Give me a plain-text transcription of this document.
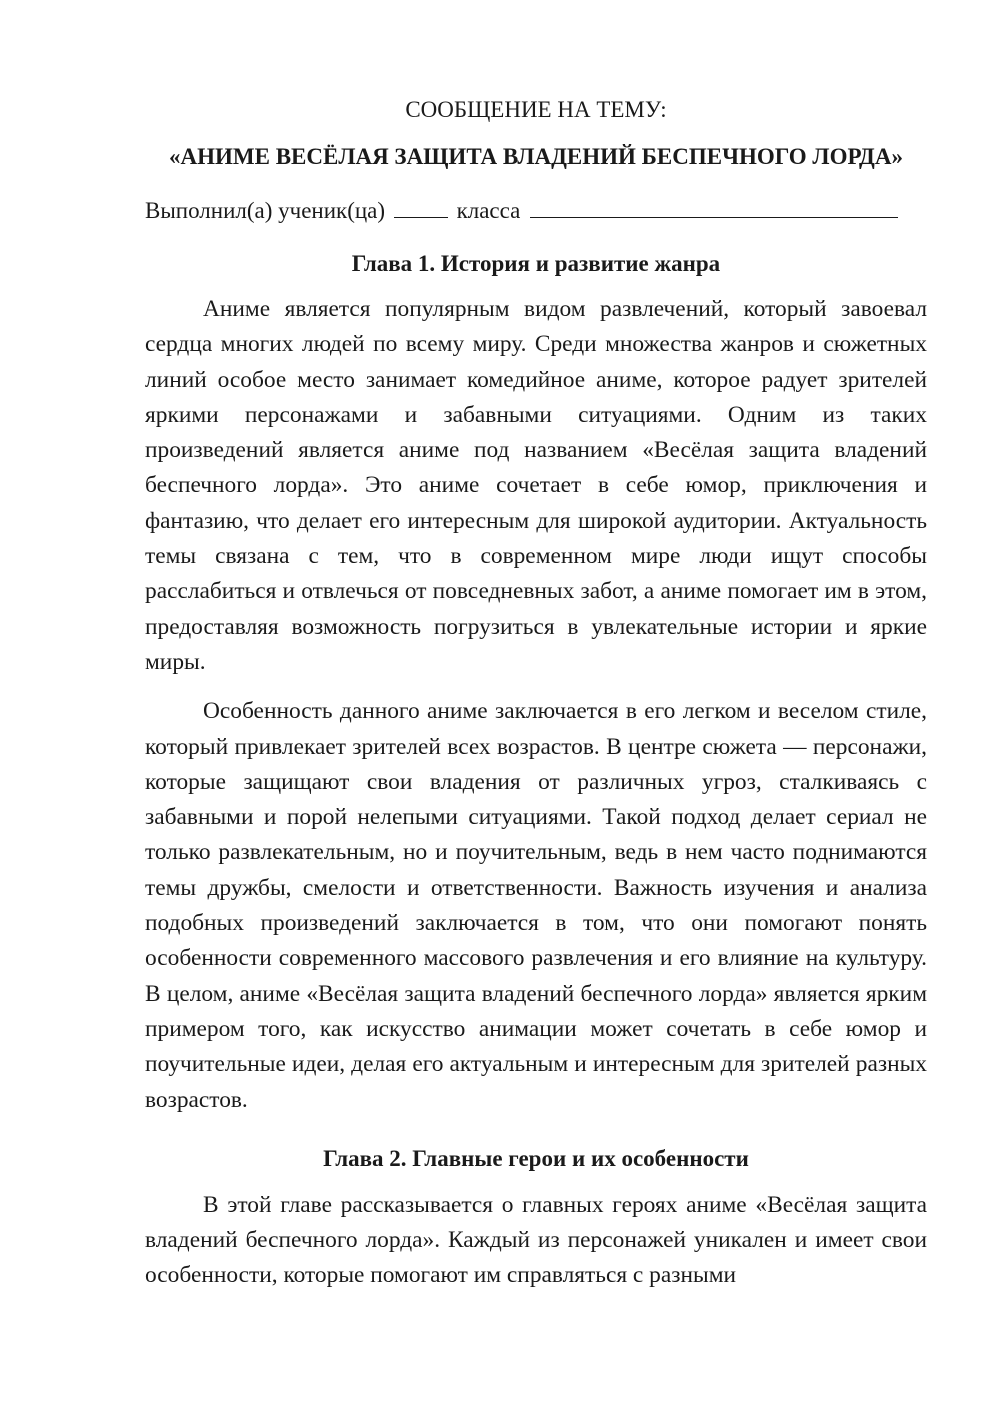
СООБЩЕНИЕ НА ТЕМУ:

«АНИМЕ ВЕСЁЛАЯ ЗАЩИТА ВЛАДЕНИЙ БЕСПЕЧНОГО ЛОРДА»

Выполнил(а) ученик(ца)	класса

Глава 1. История и развитие жанра

Аниме является популярным видом развлечений, который завоевал сердца многих людей по всему миру. Среди множества жанров и сюжетных линий особое место занимает комедийное аниме, которое радует зрителей яркими персонажами и забавными ситуациями. Одним из таких произведений является аниме под названием «Весёлая защита владений беспечного лорда». Это аниме сочетает в себе юмор, приключения и фантазию, что делает его интересным для широкой аудитории. Актуальность темы связана с тем, что в современном мире люди ищут способы расслабиться и отвлечься от повседневных забот, а аниме помогает им в этом, предоставляя возможность погрузиться в увлекательные истории и яркие миры.

Особенность данного аниме заключается в его легком и веселом стиле, который привлекает зрителей всех возрастов. В центре сюжета — персонажи, которые защищают свои владения от различных угроз, сталкиваясь с забавными и порой нелепыми ситуациями. Такой подход делает сериал не только развлекательным, но и поучительным, ведь в нем часто поднимаются темы дружбы, смелости и ответственности. Важность изучения и анализа подобных произведений заключается в том, что они помогают понять особенности современного массового развлечения и его влияние на культуру. В целом, аниме «Весёлая защита владений беспечного лорда» является ярким примером того, как искусство анимации может сочетать в себе юмор и поучительные идеи, делая его актуальным и интересным для зрителей разных возрастов.

Глава 2. Главные герои и их особенности

В этой главе рассказывается о главных героях аниме «Весёлая защита владений беспечного лорда». Каждый из персонажей уникален и имеет свои особенности, которые помогают им справляться с разными
